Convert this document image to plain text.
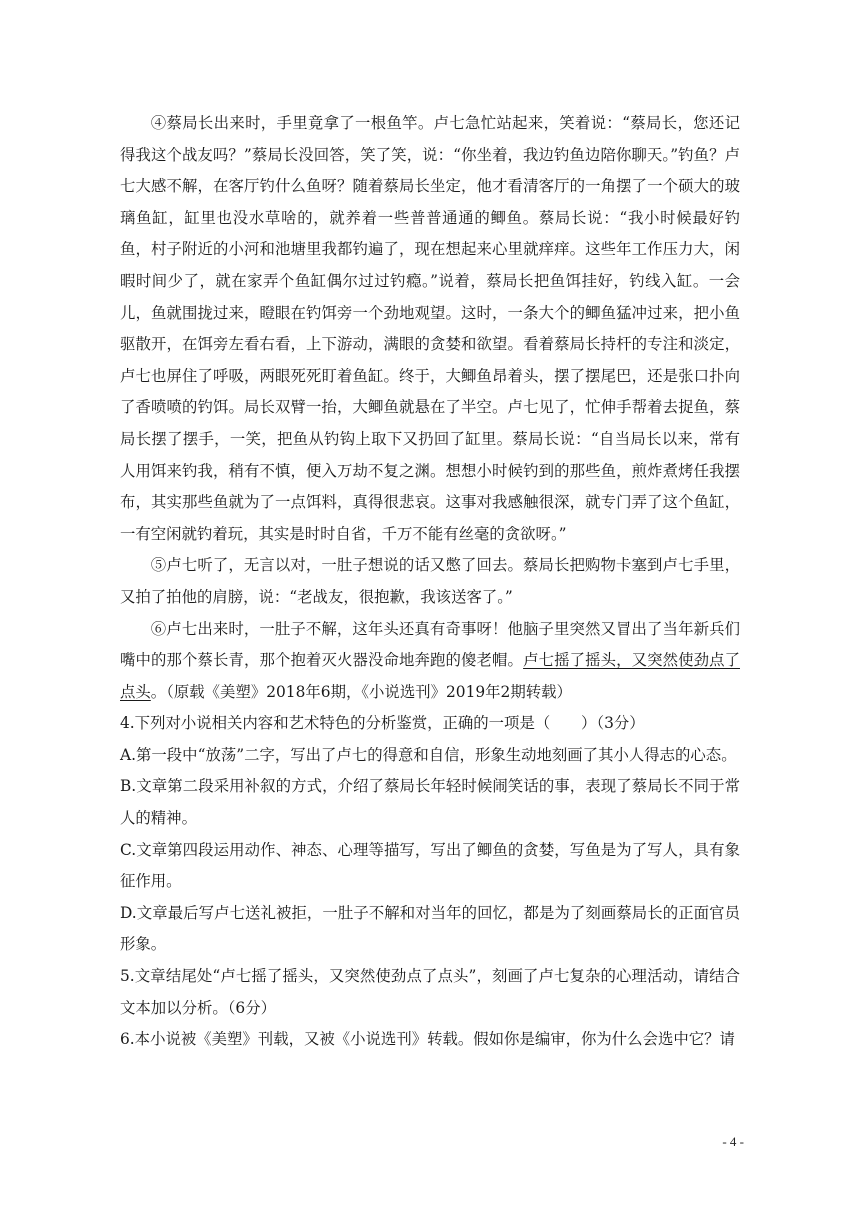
④蔡局长出来时，手里竟拿了一根鱼竿。卢七急忙站起来，笑着说：“蔡局长，您还记得我这个战友吗？”蔡局长没回答，笑了笑，说：“你坐着，我边钓鱼边陪你聊天。”钓鱼？卢七大感不解，在客厅钓什么鱼呀？随着蔡局长坐定，他才看清客厅的一角摆了一个硕大的玻璃鱼缸，缸里也没水草啥的，就养着一些普普通通的鲫鱼。蔡局长说：“我小时候最好钓鱼，村子附近的小河和池塘里我都钓遍了，现在想起来心里就痒痒。这些年工作压力大，闲暇时间少了，就在家弄个鱼缸偶尔过过钓瘾。”说着，蔡局长把鱼饵挂好，钓线入缸。一会儿，鱼就围拢过来，瞪眼在钓饵旁一个劲地观望。这时，一条大个的鲫鱼猛冲过来，把小鱼驱散开，在饵旁左看右看，上下游动，满眼的贪婪和欲望。看着蔡局长持杆的专注和淡定，卢七也屏住了呼吸，两眼死死盯着鱼缸。终于，大鲫鱼昂着头，摆了摆尾巴，还是张口扑向了香喷喷的钓饵。局长双臂一抬，大鲫鱼就悬在了半空。卢七见了，忙伸手帮着去捉鱼，蔡局长摆了摆手，一笑，把鱼从钓钩上取下又扔回了缸里。蔡局长说：“自当局长以来，常有人用饵来钓我，稍有不慎，便入万劫不复之渊。想想小时候钓到的那些鱼，煎炸煮烤任我摆布，其实那些鱼就为了一点饵料，真得很悲哀。这事对我感触很深，就专门弄了这个鱼缸，一有空闲就钓着玩，其实是时时自省，千万不能有丝毫的贪欲呀。”

⑤卢七听了，无言以对，一肚子想说的话又憋了回去。蔡局长把购物卡塞到卢七手里，又拍了拍他的肩膀，说：“老战友，很抱歉，我该送客了。”

⑥卢七出来时，一肚子不解，这年头还真有奇事呀！他脑子里突然又冒出了当年新兵们嘴中的那个蔡长青，那个抱着灭火器没命地奔跑的傻老帽。卢七摇了摇头，又突然使劲点了点头。（原载《美塑》2018年6期，《小说选刊》2019年2期转载）

4.下列对小说相关内容和艺术特色的分析鉴赏，正确的一项是（　　）（3分）

A.第一段中“放荡”二字，写出了卢七的得意和自信，形象生动地刻画了其小人得志的心态。

B.文章第二段采用补叙的方式，介绍了蔡局长年轻时候闹笑话的事，表现了蔡局长不同于常人的精神。

C.文章第四段运用动作、神态、心理等描写，写出了鲫鱼的贪婪，写鱼是为了写人，具有象征作用。

D.文章最后写卢七送礼被拒，一肚子不解和对当年的回忆，都是为了刻画蔡局长的正面官员形象。

5.文章结尾处“卢七摇了摇头，又突然使劲点了点头”，刻画了卢七复杂的心理活动，请结合文本加以分析。（6分）

6.本小说被《美塑》刊载，又被《小说选刊》转载。假如你是编审，你为什么会选中它？请

- 4 -
